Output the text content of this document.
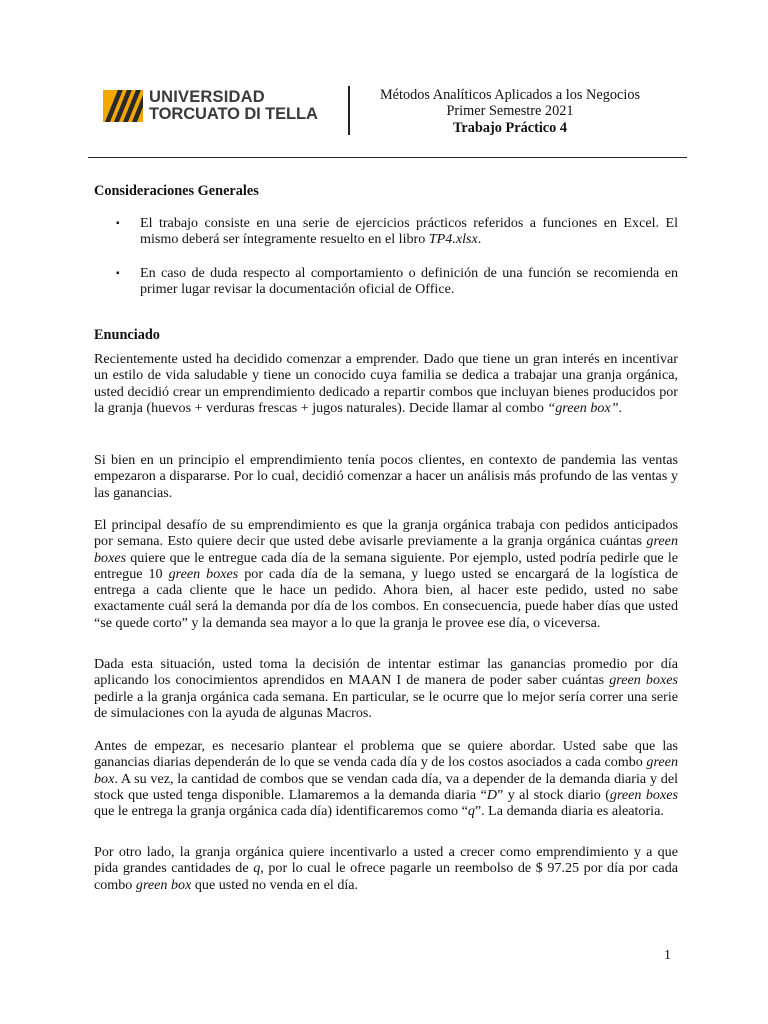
UNIVERSIDAD
TORCUATO DI TELLA
Métodos Analíticos Aplicados a los Negocios
Primer Semestre 2021
Trabajo Práctico 4
Consideraciones Generales
▪ El trabajo consiste en una serie de ejercicios prácticos referidos a funciones en Excel. El mismo deberá ser íntegramente resuelto en el libro TP4.xlsx.
▪ En caso de duda respecto al comportamiento o definición de una función se recomienda en primer lugar revisar la documentación oficial de Office.
Enunciado

Recientemente usted ha decidido comenzar a emprender. Dado que tiene un gran interés en incentivar un estilo de vida saludable y tiene un conocido cuya familia se dedica a trabajar una granja orgánica, usted decidió crear un emprendimiento dedicado a repartir combos que incluyan bienes producidos por la granja (huevos + verduras frescas + jugos naturales). Decide llamar al combo “green box”.

Si bien en un principio el emprendimiento tenía pocos clientes, en contexto de pandemia las ventas empezaron a dispararse. Por lo cual, decidió comenzar a hacer un análisis más profundo de las ventas y las ganancias.

El principal desafío de su emprendimiento es que la granja orgánica trabaja con pedidos anticipados por semana. Esto quiere decir que usted debe avisarle previamente a la granja orgánica cuántas green boxes quiere que le entregue cada día de la semana siguiente. Por ejemplo, usted podría pedirle que le entregue 10 green boxes por cada día de la semana, y luego usted se encargará de la logística de entrega a cada cliente que le hace un pedido. Ahora bien, al hacer este pedido, usted no sabe exactamente cuál será la demanda por día de los combos. En consecuencia, puede haber días que usted “se quede corto” y la demanda sea mayor a lo que la granja le provee ese día, o viceversa.

Dada esta situación, usted toma la decisión de intentar estimar las ganancias promedio por día aplicando los conocimientos aprendidos en MAAN I de manera de poder saber cuántas green boxes pedirle a la granja orgánica cada semana. En particular, se le ocurre que lo mejor sería correr una serie de simulaciones con la ayuda de algunas Macros.

Antes de empezar, es necesario plantear el problema que se quiere abordar. Usted sabe que las ganancias diarias dependerán de lo que se venda cada día y de los costos asociados a cada combo green box. A su vez, la cantidad de combos que se vendan cada día, va a depender de la demanda diaria y del stock que usted tenga disponible. Llamaremos a la demanda diaria “D” y al stock diario (green boxes que le entrega la granja orgánica cada día) identificaremos como “q”. La demanda diaria es aleatoria.

Por otro lado, la granja orgánica quiere incentivarlo a usted a crecer como emprendimiento y a que pida grandes cantidades de q, por lo cual le ofrece pagarle un reembolso de $ 97.25 por día por cada combo green box que usted no venda en el día.

1
